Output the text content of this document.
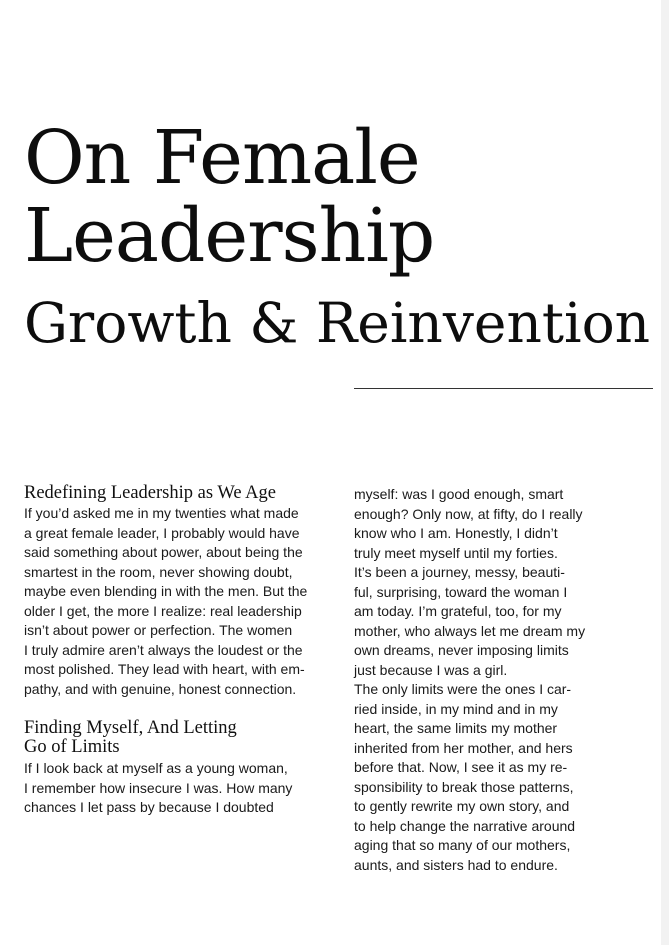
On Female
Leadership
Growth & Reinvention
Redefining Leadership as We Age
If you’d asked me in my twenties what made
a great female leader, I probably would have
said something about power, about being the
smartest in the room, never showing doubt,
maybe even blending in with the men. But the
older I get, the more I realize: real leadership
isn’t about power or perfection. The women
I truly admire aren’t always the loudest or the
most polished. They lead with heart, with em-
pathy, and with genuine, honest connection.
Finding Myself, And Letting
Go of Limits
If I look back at myself as a young woman,
I remember how insecure I was. How many
chances I let pass by because I doubted
myself: was I good enough, smart
enough? Only now, at fifty, do I really
know who I am. Honestly, I didn’t
truly meet myself until my forties.
It’s been a journey, messy, beauti-
ful, surprising, toward the woman I
am today. I’m grateful, too, for my
mother, who always let me dream my
own dreams, never imposing limits
just because I was a girl.
The only limits were the ones I car-
ried inside, in my mind and in my
heart, the same limits my mother
inherited from her mother, and hers
before that. Now, I see it as my re-
sponsibility to break those patterns,
to gently rewrite my own story, and
to help change the narrative around
aging that so many of our mothers,
aunts, and sisters had to endure.
